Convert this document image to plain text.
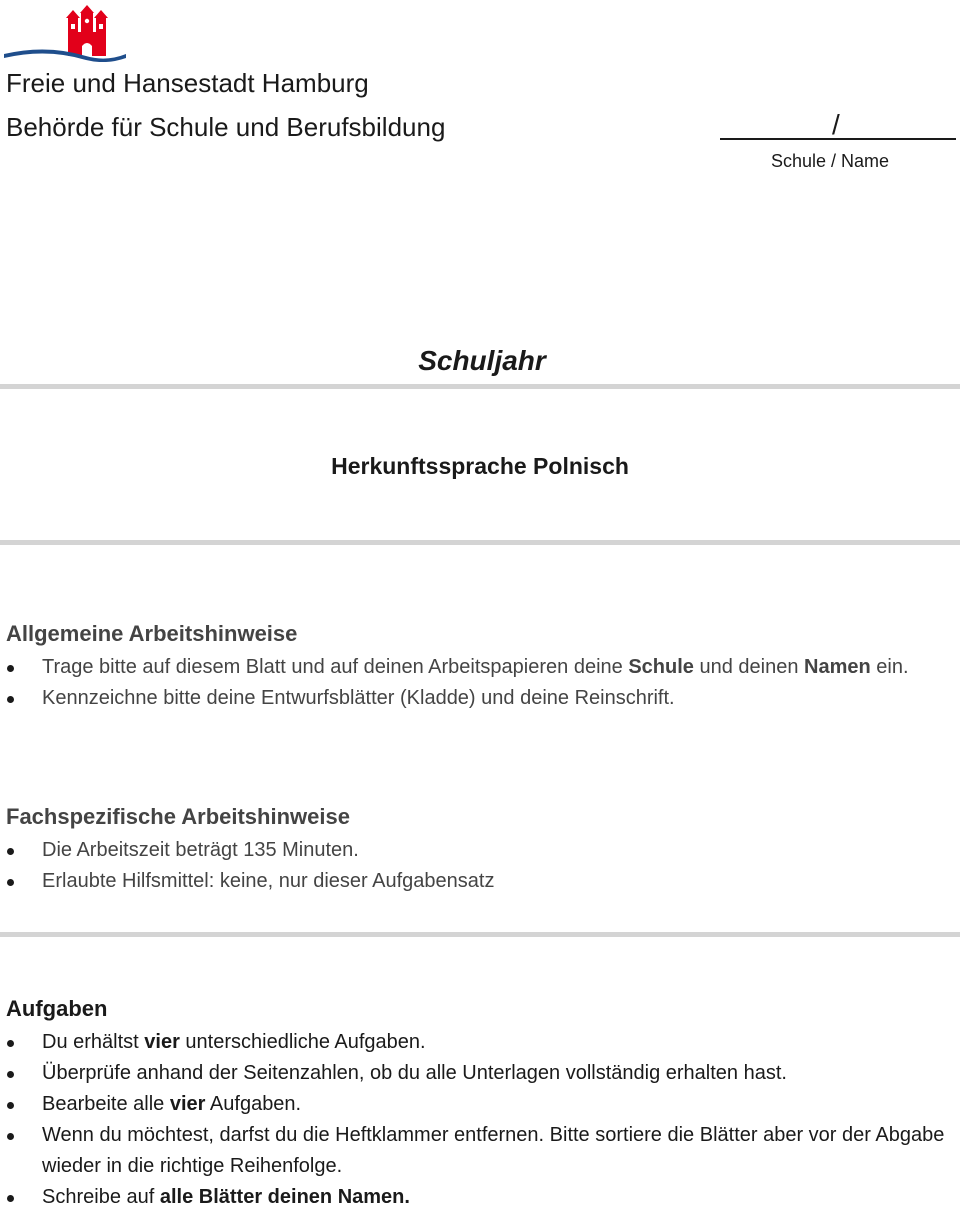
Freie und Hansestadt Hamburg
Behörde für Schule und Berufsbildung	/
Schule / Name
Schuljahr
Herkunftssprache Polnisch
Allgemeine Arbeitshinweise
Trage bitte auf diesem Blatt und auf deinen Arbeitspapieren deine Schule und deinen Namen ein.
Kennzeichne bitte deine Entwurfsblätter (Kladde) und deine Reinschrift.
Fachspezifische Arbeitshinweise
Die Arbeitszeit beträgt 135 Minuten.
Erlaubte Hilfsmittel: keine, nur dieser Aufgabensatz
Aufgaben
Du erhältst vier unterschiedliche Aufgaben.
Überprüfe anhand der Seitenzahlen, ob du alle Unterlagen vollständig erhalten hast.
Bearbeite alle vier Aufgaben.
Wenn du möchtest, darfst du die Heftklammer entfernen. Bitte sortiere die Blätter aber vor der Abgabe wieder in die richtige Reihenfolge.
Schreibe auf alle Blätter deinen Namen.
